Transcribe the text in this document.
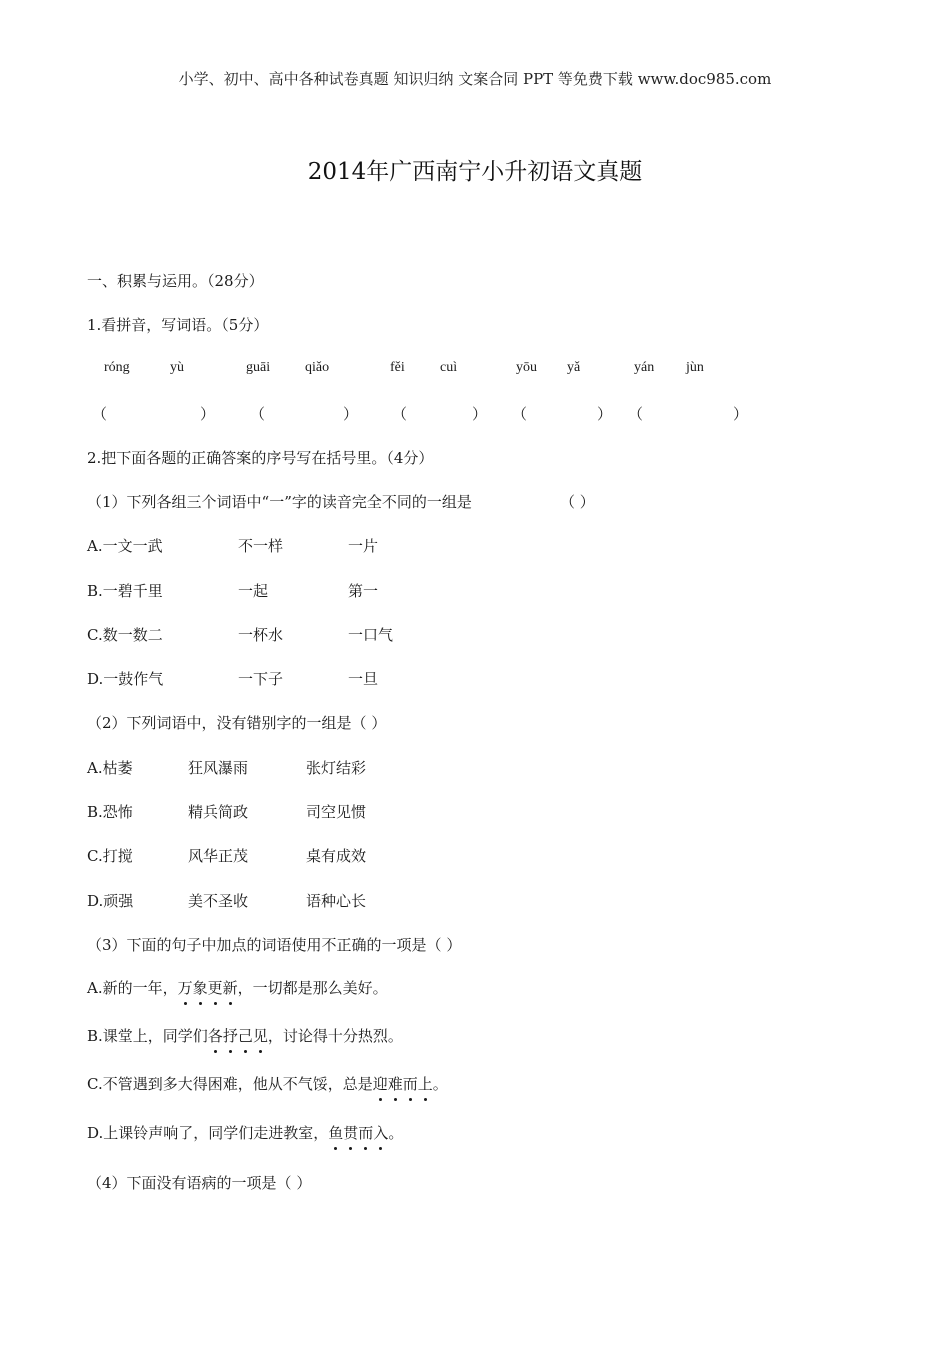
小学、初中、高中各种试卷真题 知识归纳 文案合同 PPT 等免费下载 www.doc985.com
2014年广西南宁小升初语文真题
一、积累与运用。（28分）
1.看拼音，写词语。（5分）
róng	yù	guāi qiǎo	fěi	cuì	yōu yǎ	yán jùn
（	） （	） （	） （	） （	）
2.把下面各题的正确答案的序号写在括号里。（4分）
（1）下列各组三个词语中“一”字的读音完全不同的一组是	（ ）
A.一文一武	不一样	一片
B.一碧千里	一起	第一
C.数一数二	一杯水	一口气
D.一鼓作气	一下子	一旦
（2）下列词语中，没有错别字的一组是（ ）
A.枯萎	狂风瀑雨	张灯结彩
B.恐怖	精兵简政	司空见惯
C.打搅	风华正茂	桌有成效
D.顽强	美不圣收	语种心长
（3）下面的句子中加点的词语使用不正确的一项是（ ）
A.新的一年，万象更新，一切都是那么美好。
B.课堂上，同学们各抒己见，讨论得十分热烈。
C.不管遇到多大得困难，他从不气馁，总是迎难而上。
D.上课铃声响了，同学们走进教室，鱼贯而入。
（4）下面没有语病的一项是（ ）
